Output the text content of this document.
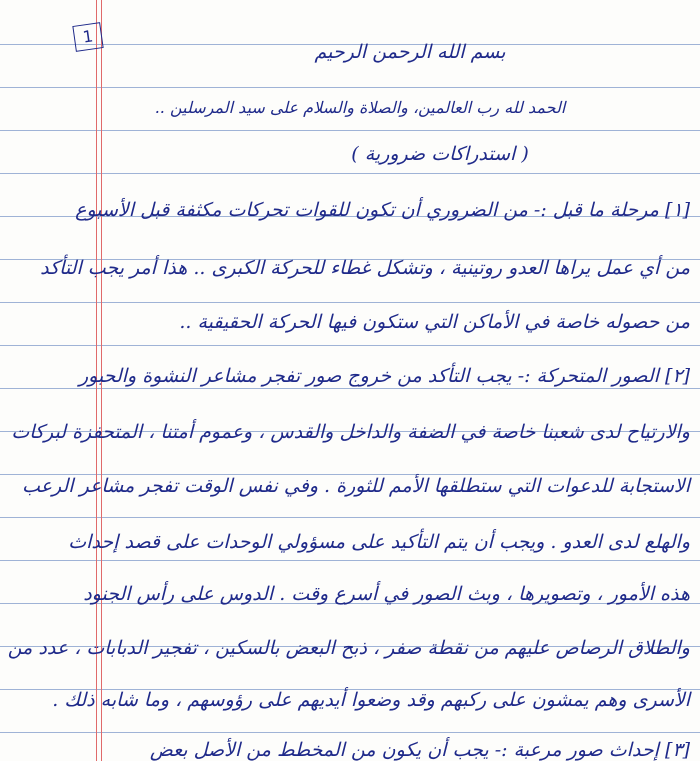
1
بسم الله الرحمن الرحيم
الحمد لله رب العالمين، والصلاة والسلام على سيد المرسلين ..
( استدراكات ضرورية )
[١] مرحلة ما قبل :- من الضروري أن تكون للقوات تحركات مكثفة قبل الأسبوع
من أي عمل يراها العدو روتينية ، وتشكل غطاء للحركة الكبرى .. هذا أمر يجب التأكد
من حصوله خاصة في الأماكن التي ستكون فيها الحركة الحقيقية ..
[٢] الصور المتحركة :- يجب التأكد من خروج صور تفجر مشاعر النشوة والحبور
والارتياح لدى شعبنا خاصة في الضفة والداخل والقدس ، وعموم أمتنا ، المتحفزة لبركات
الاستجابة للدعوات التي ستطلقها الأمم للثورة . وفي نفس الوقت تفجر مشاعر الرعب
والهلع لدى العدو . ويجب أن يتم التأكيد على مسؤولي الوحدات على قصد إحداث
هذه الأمور ، وتصويرها ، وبث الصور في أسرع وقت . الدوس على رأس الجنود
والطلاق الرصاص عليهم من نقطة صفر ، ذبح البعض بالسكين ، تفجير الدبابات ، عدد من
الأسرى وهم يمشون على ركبهم وقد وضعوا أيديهم على رؤوسهم ، وما شابه ذلك .
[٣] إحداث صور مرعبة :- يجب أن يكون من المخطط من الأصل بعض
